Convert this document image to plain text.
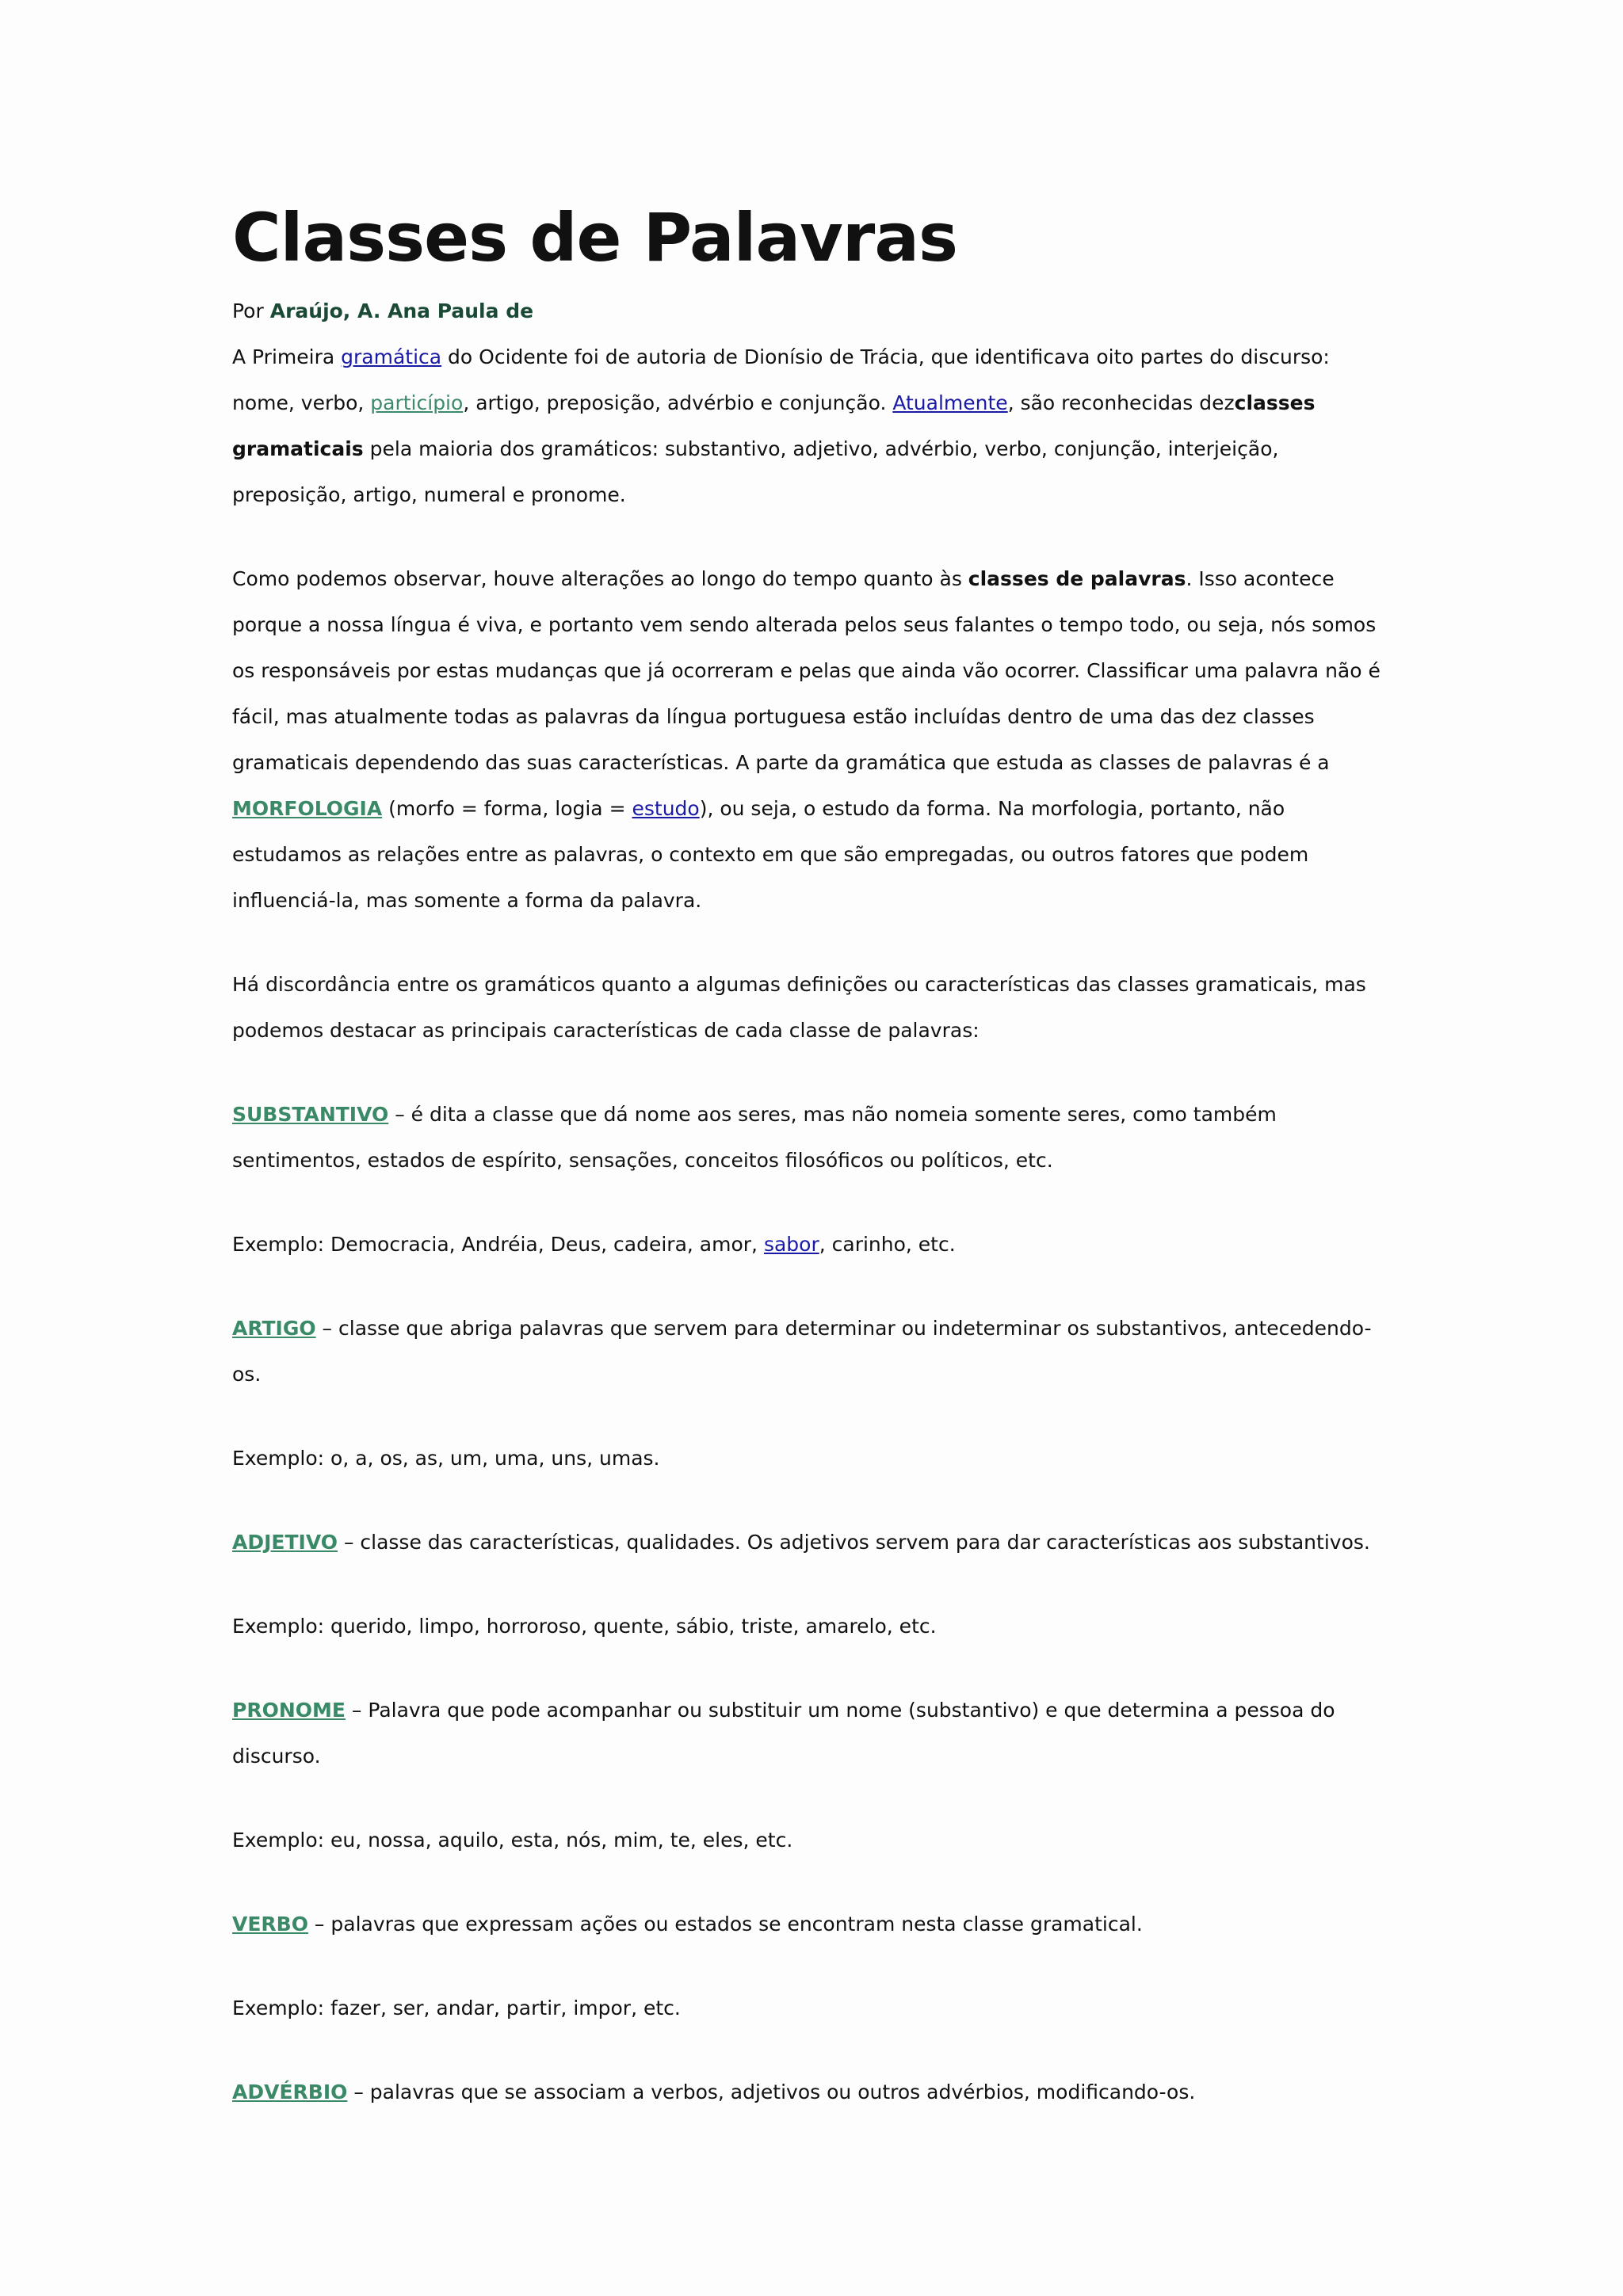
Classes de Palavras

Por Araújo, A. Ana Paula de

A Primeira gramática do Ocidente foi de autoria de Dionísio de Trácia, que identificava oito partes do discurso: nome, verbo, particípio, artigo, preposição, advérbio e conjunção. Atualmente, são reconhecidas dezclasses gramaticais pela maioria dos gramáticos: substantivo, adjetivo, advérbio, verbo, conjunção, interjeição, preposição, artigo, numeral e pronome.

Como podemos observar, houve alterações ao longo do tempo quanto às classes de palavras. Isso acontece porque a nossa língua é viva, e portanto vem sendo alterada pelos seus falantes o tempo todo, ou seja, nós somos os responsáveis por estas mudanças que já ocorreram e pelas que ainda vão ocorrer. Classificar uma palavra não é fácil, mas atualmente todas as palavras da língua portuguesa estão incluídas dentro de uma das dez classes gramaticais dependendo das suas características. A parte da gramática que estuda as classes de palavras é a MORFOLOGIA (morfo = forma, logia = estudo), ou seja, o estudo da forma. Na morfologia, portanto, não estudamos as relações entre as palavras, o contexto em que são empregadas, ou outros fatores que podem influenciá-la, mas somente a forma da palavra.

Há discordância entre os gramáticos quanto a algumas definições ou características das classes gramaticais, mas podemos destacar as principais características de cada classe de palavras:

SUBSTANTIVO – é dita a classe que dá nome aos seres, mas não nomeia somente seres, como também sentimentos, estados de espírito, sensações, conceitos filosóficos ou políticos, etc.

Exemplo: Democracia, Andréia, Deus, cadeira, amor, sabor, carinho, etc.

ARTIGO – classe que abriga palavras que servem para determinar ou indeterminar os substantivos, antecedendo-os.

Exemplo: o, a, os, as, um, uma, uns, umas.

ADJETIVO – classe das características, qualidades. Os adjetivos servem para dar características aos substantivos.

Exemplo: querido, limpo, horroroso, quente, sábio, triste, amarelo, etc.

PRONOME – Palavra que pode acompanhar ou substituir um nome (substantivo) e que determina a pessoa do discurso.

Exemplo: eu, nossa, aquilo, esta, nós, mim, te, eles, etc.

VERBO – palavras que expressam ações ou estados se encontram nesta classe gramatical.

Exemplo: fazer, ser, andar, partir, impor, etc.

ADVÉRBIO – palavras que se associam a verbos, adjetivos ou outros advérbios, modificando-os.
